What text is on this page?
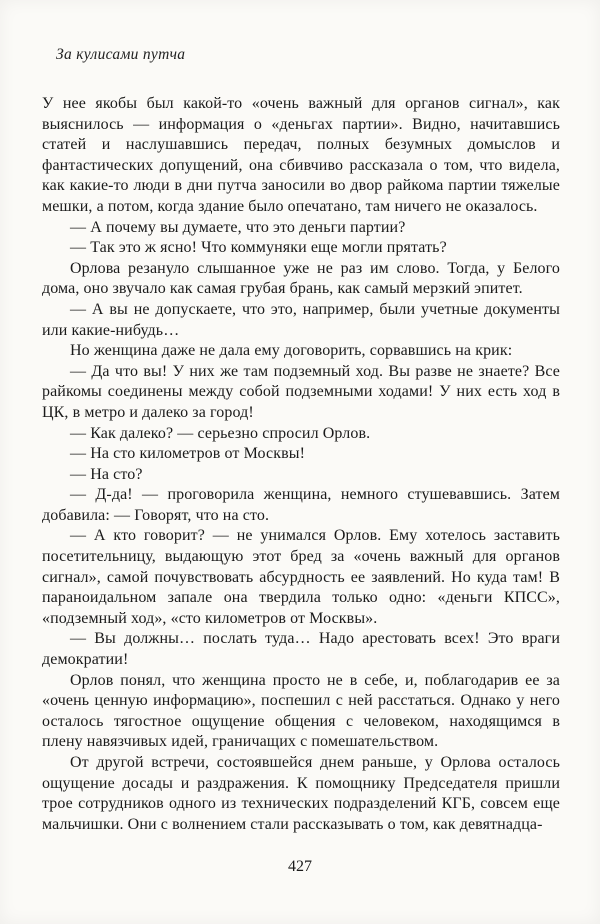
За кулисами путча

У нее якобы был какой-то «очень важный для органов сигнал», как выяснилось — информация о «деньгах партии». Видно, начитавшись статей и наслушавшись передач, полных безумных домыслов и фантастических допущений, она сбивчиво рассказала о том, что видела, как какие-то люди в дни путча заносили во двор райкома партии тяжелые мешки, а потом, когда здание было опечатано, там ничего не оказалось.

— А почему вы думаете, что это деньги партии?

— Так это ж ясно! Что коммуняки еще могли прятать?

Орлова резануло слышанное уже не раз им слово. Тогда, у Белого дома, оно звучало как самая грубая брань, как самый мерзкий эпитет.

— А вы не допускаете, что это, например, были учетные документы или какие-нибудь…

Но женщина даже не дала ему договорить, сорвавшись на крик:

— Да что вы! У них же там подземный ход. Вы разве не знаете? Все райкомы соединены между собой подземными ходами! У них есть ход в ЦК, в метро и далеко за город!

— Как далеко? — серьезно спросил Орлов.

— На сто километров от Москвы!

— На сто?

— Д-да! — проговорила женщина, немного стушевавшись. Затем добавила: — Говорят, что на сто.

— А кто говорит? — не унимался Орлов. Ему хотелось заставить посетительницу, выдающую этот бред за «очень важный для органов сигнал», самой почувствовать абсурдность ее заявлений. Но куда там! В параноидальном запале она твердила только одно: «деньги КПСС», «подземный ход», «сто километров от Москвы».

— Вы должны… послать туда… Надо арестовать всех! Это враги демократии!

Орлов понял, что женщина просто не в себе, и, поблагодарив ее за «очень ценную информацию», поспешил с ней расстаться. Однако у него осталось тягостное ощущение общения с человеком, находящимся в плену навязчивых идей, граничащих с помешательством.

От другой встречи, состоявшейся днем раньше, у Орлова осталось ощущение досады и раздражения. К помощнику Председателя пришли трое сотрудников одного из технических подразделений КГБ, совсем еще мальчишки. Они с волнением стали рассказывать о том, как девятнадца-

427
